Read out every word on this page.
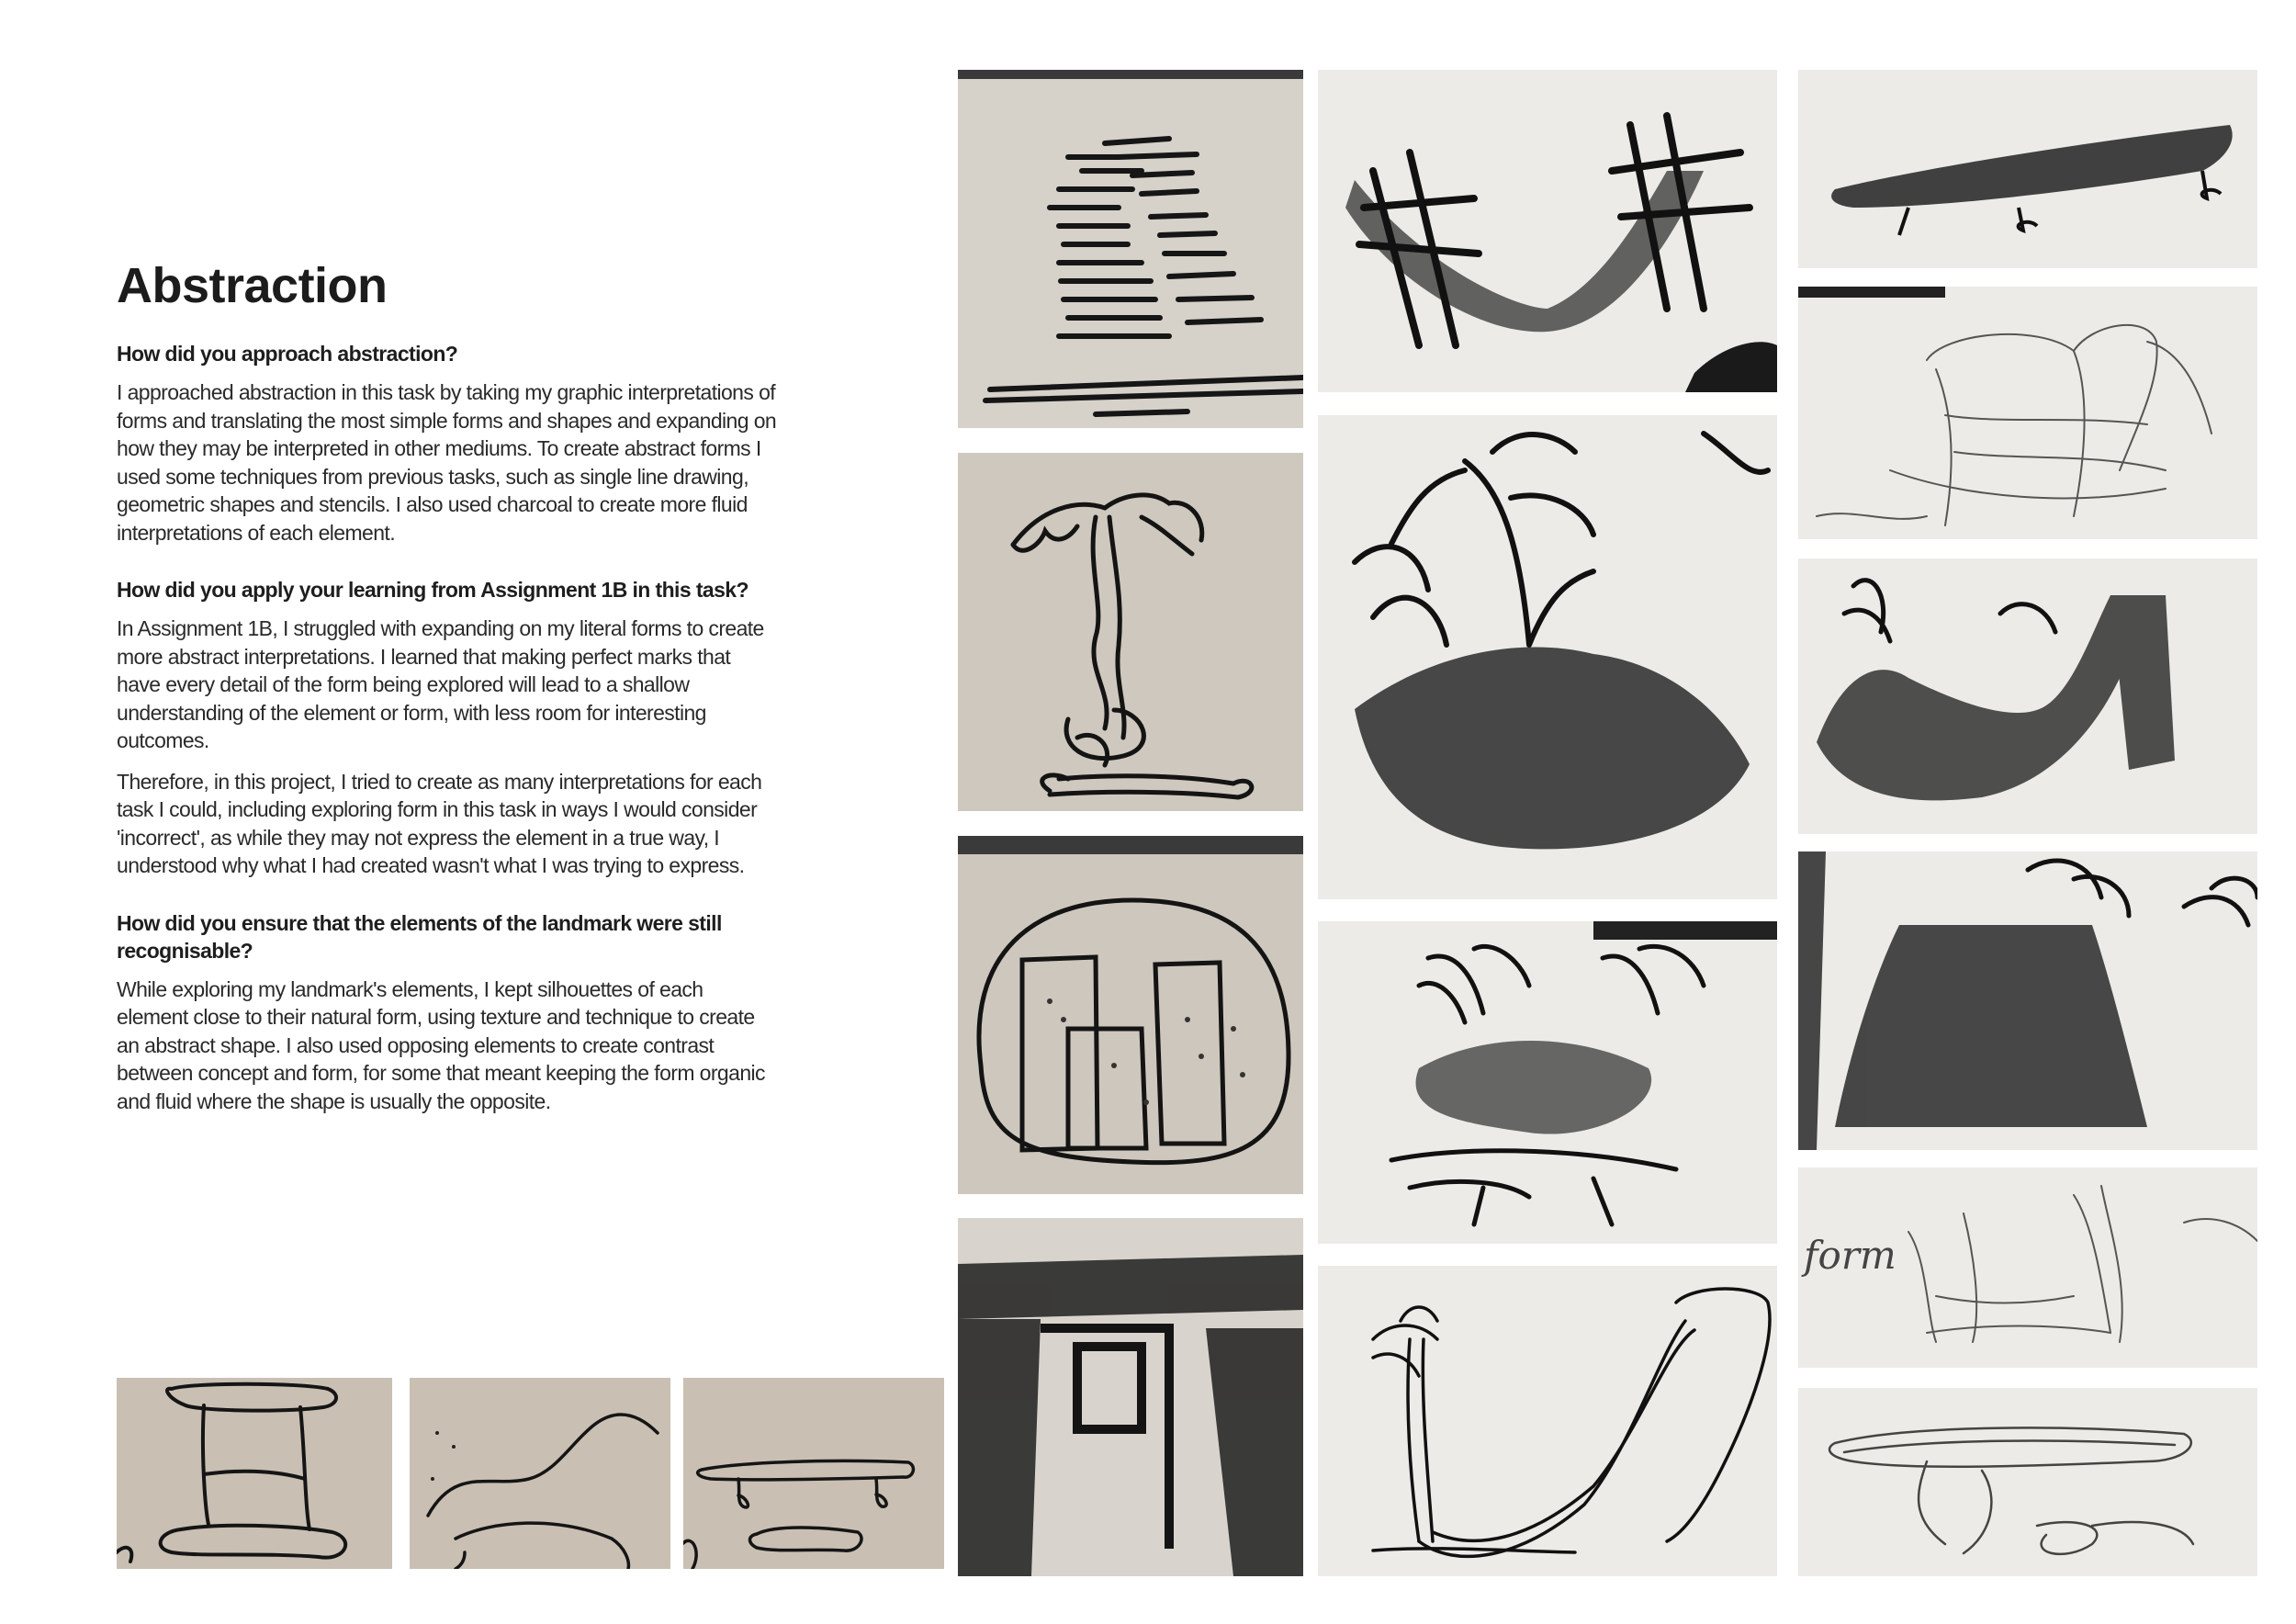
Abstraction
How did you approach abstraction?
I approached abstraction in this task by taking my graphic interpretations of forms and translating the most simple forms and shapes and expanding on how they may be interpreted in other mediums. To create abstract forms I used some techniques from previous tasks, such as single line drawing, geometric shapes and stencils. I also used charcoal to create more fluid interpretations of each element.
How did you apply your learning from Assignment 1B in this task?
In Assignment 1B, I struggled with expanding on my literal forms to create more abstract interpretations. I learned that making perfect marks that have every detail of the form being explored will lead to a shallow understanding of the element or form, with less room for interesting outcomes.
Therefore, in this project, I tried to create as many interpretations for each task I could, including exploring form in this task in ways I would consider 'incorrect', as while they may not express the element in a true way, I understood why what I had created wasn't what I was trying to express.
How did you ensure that the elements of the landmark were still recognisable?
While exploring my landmark's elements, I kept silhouettes of each element close to their natural form, using texture and technique to create an abstract shape. I also used opposing elements to create contrast between concept and form, for some that meant keeping the form organic and fluid where the shape is usually the opposite.
form
